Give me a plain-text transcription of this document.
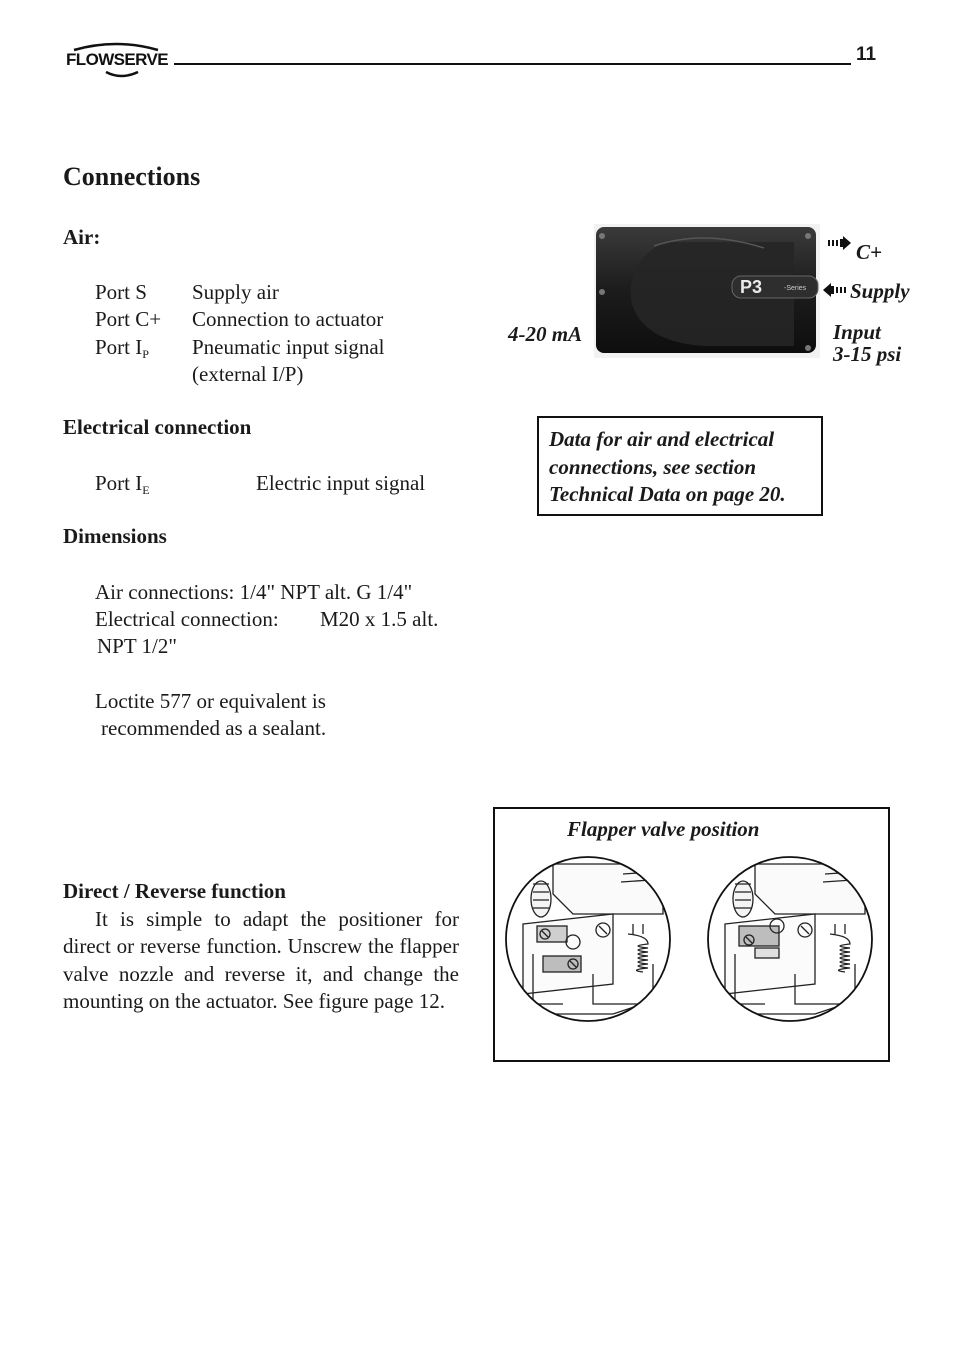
FLOWSERVE	11
Connections
Air:
Port S Supply air
Port C+ Connection to actuator
Port $I_P$ Pneumatic input signal
(external I/P)
Electrical connection
Port $I_E$	Electric input signal
Dimensions
Air connections: 1/4" NPT alt. G 1/4"
Electrical connection: M20 x 1.5 alt.
NPT 1/2"
Loctite 577 or equivalent is
recommended as a sealant.
Direct / Reverse function
It is simple to adapt the positioner for direct or reverse function. Unscrew the flapper valve nozzle and reverse it, and change the mounting on the actuator. See figure page 12.
P3	-Series
C+
Supply
4-20 mA	Input
3-15 psi
Data for air and electrical
connections, see section
Technical Data on page 20.
Flapper valve position
